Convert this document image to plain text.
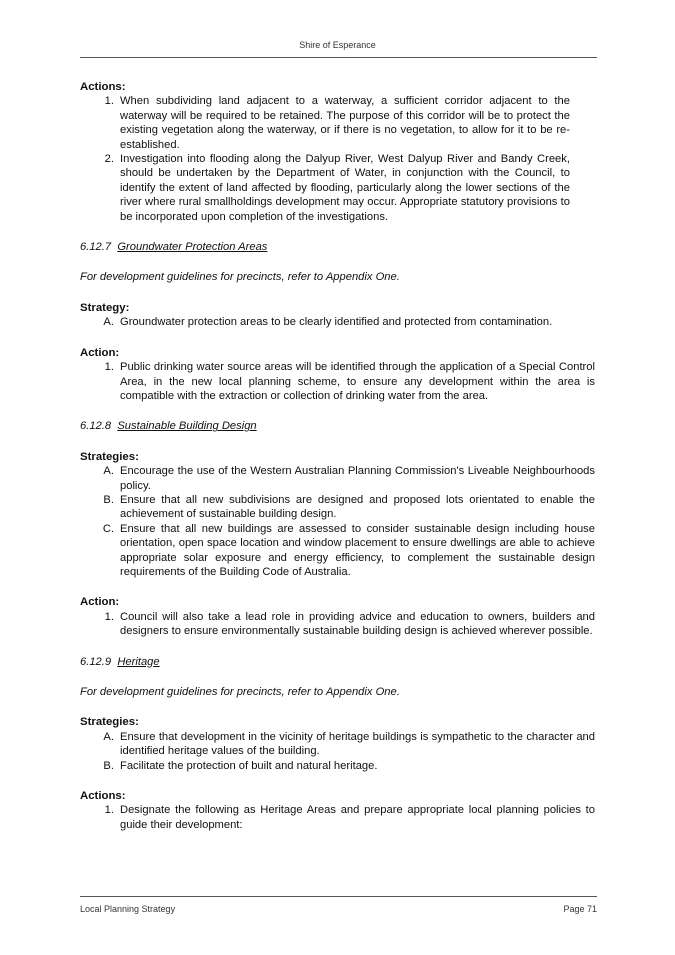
Shire of Esperance

Actions:

1. When subdividing land adjacent to a waterway, a sufficient corridor adjacent to the waterway will be required to be retained. The purpose of this corridor will be to protect the existing vegetation along the waterway, or if there is no vegetation, to allow for it to be re-established.
2. Investigation into flooding along the Dalyup River, West Dalyup River and Bandy Creek, should be undertaken by the Department of Water, in conjunction with the Council, to identify the extent of land affected by flooding, particularly along the lower sections of the river where rural smallholdings development may occur. Appropriate statutory provisions to be incorporated upon completion of the investigations.

6.12.7 Groundwater Protection Areas

For development guidelines for precincts, refer to Appendix One.

Strategy:

A. Groundwater protection areas to be clearly identified and protected from contamination.

Action:

1. Public drinking water source areas will be identified through the application of a Special Control Area, in the new local planning scheme, to ensure any development within the area is compatible with the extraction or collection of drinking water from the area.

6.12.8 Sustainable Building Design

Strategies:

A. Encourage the use of the Western Australian Planning Commission's Liveable Neighbourhoods policy.
B. Ensure that all new subdivisions are designed and proposed lots orientated to enable the achievement of sustainable building design.
C. Ensure that all new buildings are assessed to consider sustainable design including house orientation, open space location and window placement to ensure dwellings are able to achieve appropriate solar exposure and energy efficiency, to complement the sustainable design requirements of the Building Code of Australia.

Action:

1. Council will also take a lead role in providing advice and education to owners, builders and designers to ensure environmentally sustainable building design is achieved wherever possible.

6.12.9 Heritage

For development guidelines for precincts, refer to Appendix One.

Strategies:

A. Ensure that development in the vicinity of heritage buildings is sympathetic to the character and identified heritage values of the building.
B. Facilitate the protection of built and natural heritage.

Actions:

1. Designate the following as Heritage Areas and prepare appropriate local planning policies to guide their development:
Local Planning Strategy	Page 71
